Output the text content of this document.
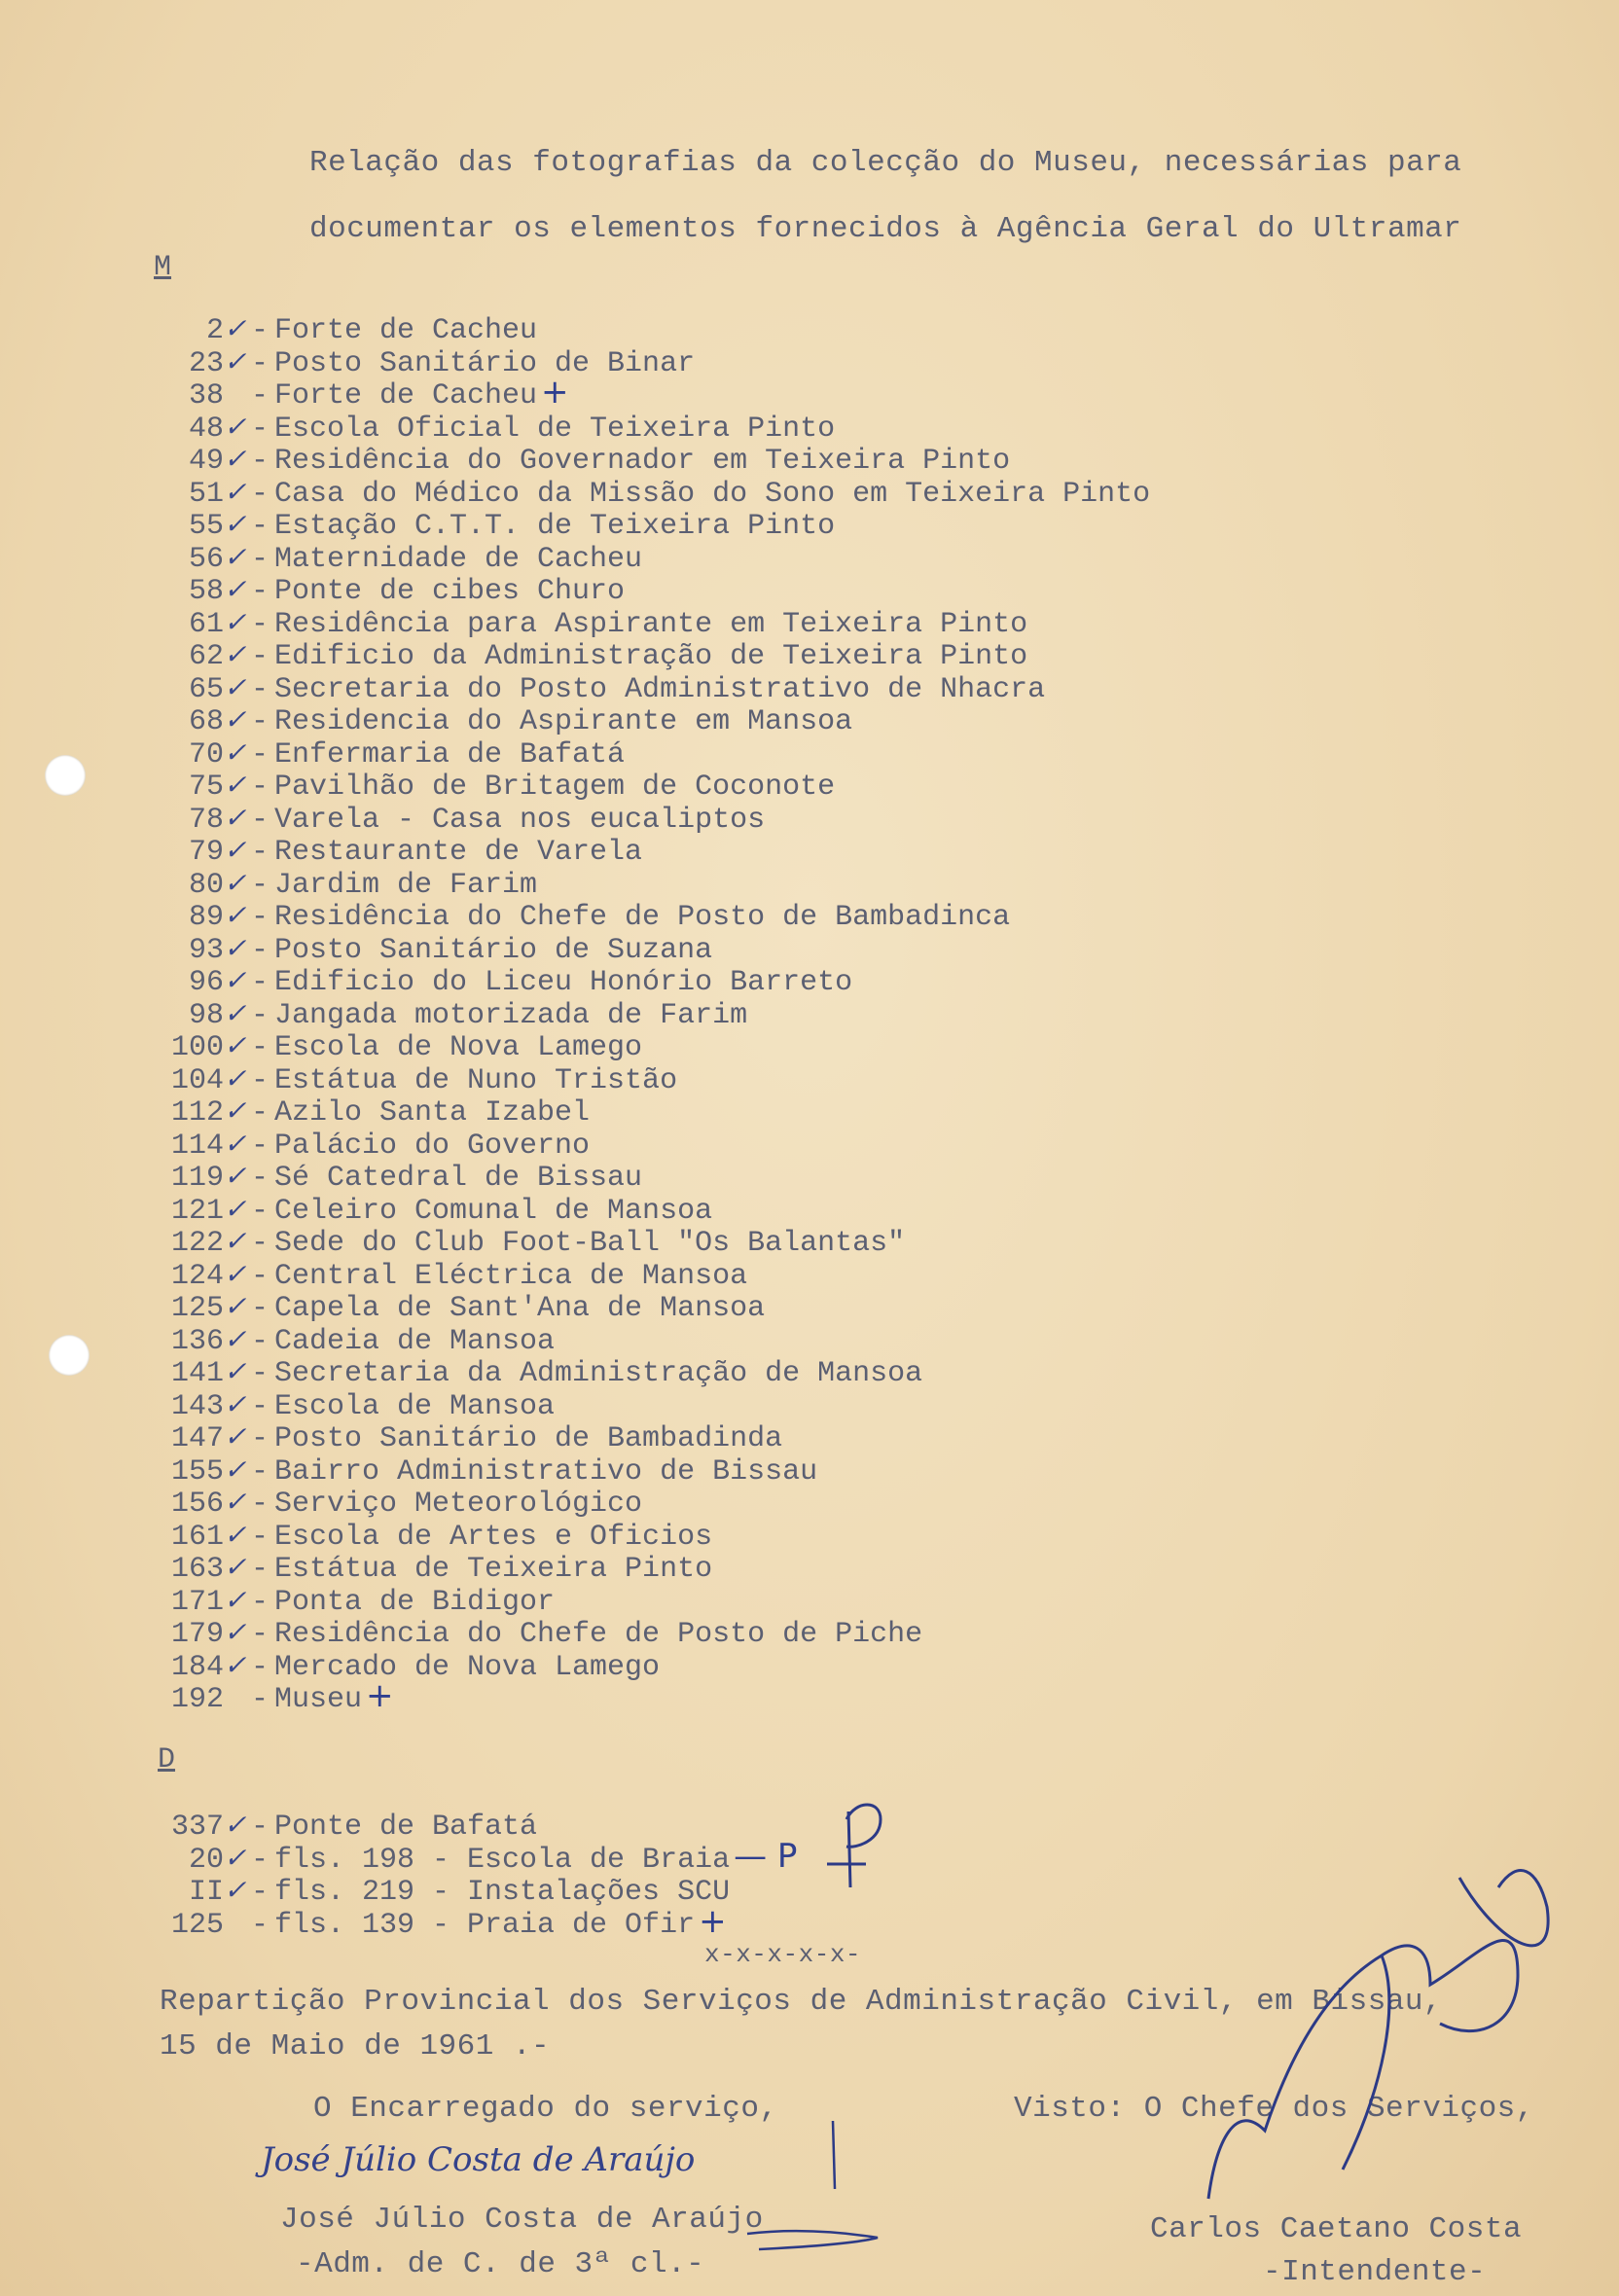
Relação das fotografias da colecção do Museu, necessárias para
documentar os elementos fornecidos à Agência Geral do Ultramar
M
2✓ - Forte de Cacheu
23✓ - Posto Sanitário de Binar
38 - Forte de Cacheu +
48✓ - Escola Oficial de Teixeira Pinto
49✓ - Residência do Governador em Teixeira Pinto
51✓ - Casa do Médico da Missão do Sono em Teixeira Pinto
55✓ - Estação C.T.T. de Teixeira Pinto
56✓ - Maternidade de Cacheu
58✓ - Ponte de cibes Churo
61✓ - Residência para Aspirante em Teixeira Pinto
62✓ - Edificio da Administração de Teixeira Pinto
65✓ - Secretaria do Posto Administrativo de Nhacra
68✓ - Residencia do Aspirante em Mansoa
70✓ - Enfermaria de Bafatá
75✓ - Pavilhão de Britagem de Coconote
78✓ - Varela - Casa nos eucaliptos
79✓ - Restaurante de Varela
80✓ - Jardim de Farim
89✓ - Residência do Chefe de Posto de Bambadinca
93✓ - Posto Sanitário de Suzana
96✓ - Edificio do Liceu Honório Barreto
98✓ - Jangada motorizada de Farim
100✓ - Escola de Nova Lamego
104✓ - Estátua de Nuno Tristão
112✓ - Azilo Santa Izabel
114✓ - Palácio do Governo
119✓ - Sé Catedral de Bissau
121✓ - Celeiro Comunal de Mansoa
122✓ - Sede do Club Foot-Ball "Os Balantas"
124✓ - Central Eléctrica de Mansoa
125✓ - Capela de Sant'Ana de Mansoa
136✓ - Cadeia de Mansoa
141✓ - Secretaria da Administração de Mansoa
143✓ - Escola de Mansoa
147✓ - Posto Sanitário de Bambadinda
155✓ - Bairro Administrativo de Bissau
156✓ - Serviço Meteorológico
161✓ - Escola de Artes e Oficios
163✓ - Estátua de Teixeira Pinto
171✓ - Ponta de Bidigor
179✓ - Residência do Chefe de Posto de Piche
184✓ - Mercado de Nova Lamego
192 - Museu +
D
337✓ - Ponte de Bafatá
20✓ - fls. 198 - Escola de Braia — P
II✓ - fls. 219 - Instalações SCU
125 - fls. 139 - Praia de Ofir +
x-x-x-x-x-
Repartição Provincial dos Serviços de Administração Civil, em Bissau,
15 de Maio de 1961 .-
O Encarregado do serviço,	Visto: O Chefe dos Serviços,
José Júlio Costa de Araújo
José Júlio Costa de Araújo
-Adm. de C. de 3ª cl.-
Carlos Caetano Costa
-Intendente-
